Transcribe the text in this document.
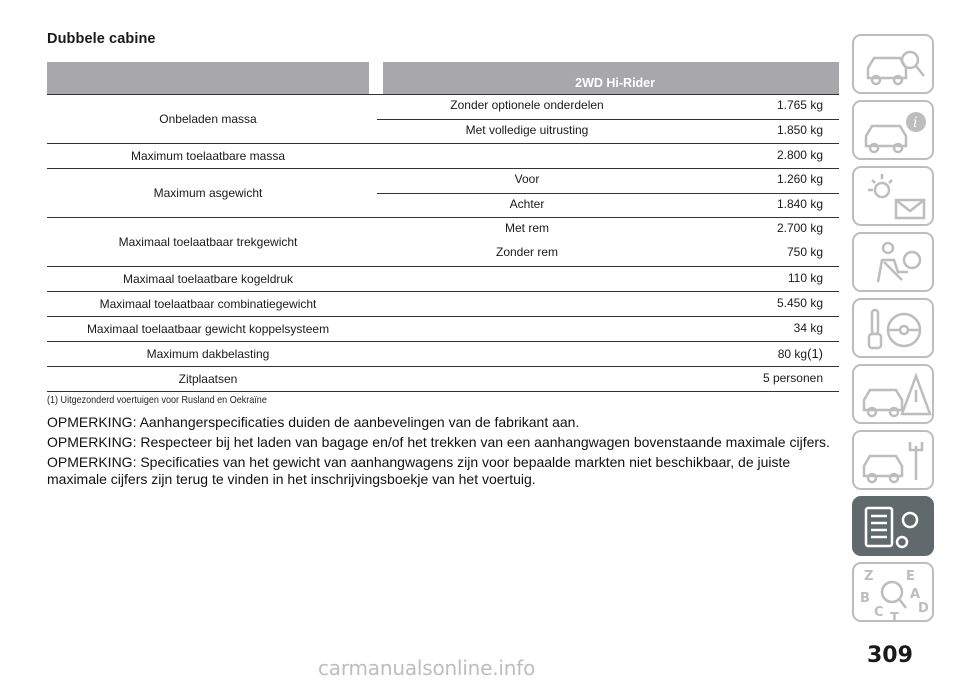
Dubbele cabine
2WD Hi-Rider
Onbeladen massa
Zonder optionele onderdelen	1.765 kg
Met volledige uitrusting	1.850 kg
Maximum toelaatbare massa	2.800 kg
Maximum asgewicht
Voor	1.260 kg
Achter	1.840 kg
Maximaal toelaatbaar trekgewicht
Met rem	2.700 kg
Zonder rem	750 kg
Maximaal toelaatbare kogeldruk	110 kg
Maximaal toelaatbaar combinatiegewicht	5.450 kg
Maximaal toelaatbaar gewicht koppelsysteem	34 kg
Maximum dakbelasting	80 kg(1)
Zitplaatsen	5 personen
(1) Uitgezonderd voertuigen voor Rusland en Oekraïne
OPMERKING: Aanhangerspecificaties duiden de aanbevelingen van de fabrikant aan.
OPMERKING: Respecteer bij het laden van bagage en/of het trekken van een aanhangwagen bovenstaande maximale cijfers.
OPMERKING: Specificaties van het gewicht van aanhangwagens zijn voor bepaalde markten niet beschikbaar, de juiste maximale cijfers zijn terug te vinden in het inschrijvingsboekje van het voertuig.
i
Z	E
B	A
C	D
T
309
carmanualsonline.info
